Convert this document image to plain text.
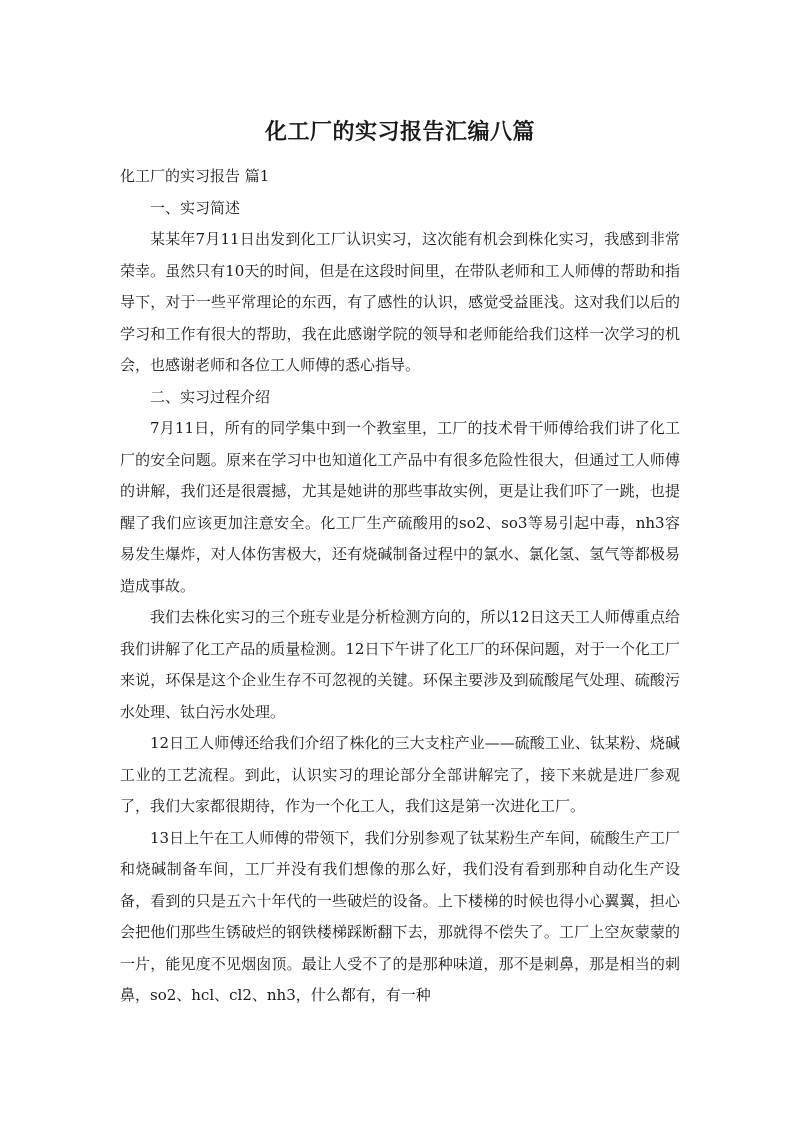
化工厂的实习报告汇编八篇

化工厂的实习报告 篇1

一、实习简述

某某年7月11日出发到化工厂认识实习，这次能有机会到株化实习，我感到非常荣幸。虽然只有10天的时间，但是在这段时间里，在带队老师和工人师傅的帮助和指导下，对于一些平常理论的东西，有了感性的认识，感觉受益匪浅。这对我们以后的学习和工作有很大的帮助，我在此感谢学院的领导和老师能给我们这样一次学习的机会，也感谢老师和各位工人师傅的悉心指导。

二、实习过程介绍

7月11日，所有的同学集中到一个教室里，工厂的技术骨干师傅给我们讲了化工厂的安全问题。原来在学习中也知道化工产品中有很多危险性很大，但通过工人师傅的讲解，我们还是很震撼，尤其是她讲的那些事故实例，更是让我们吓了一跳，也提醒了我们应该更加注意安全。化工厂生产硫酸用的so2、so3等易引起中毒，nh3容易发生爆炸，对人体伤害极大，还有烧碱制备过程中的氯水、氯化氢、氢气等都极易造成事故。

我们去株化实习的三个班专业是分析检测方向的，所以12日这天工人师傅重点给我们讲解了化工产品的质量检测。12日下午讲了化工厂的环保问题，对于一个化工厂来说，环保是这个企业生存不可忽视的关键。环保主要涉及到硫酸尾气处理、硫酸污水处理、钛白污水处理。

12日工人师傅还给我们介绍了株化的三大支柱产业——硫酸工业、钛某粉、烧碱工业的工艺流程。到此，认识实习的理论部分全部讲解完了，接下来就是进厂参观了，我们大家都很期待，作为一个化工人，我们这是第一次进化工厂。

13日上午在工人师傅的带领下，我们分别参观了钛某粉生产车间，硫酸生产工厂和烧碱制备车间，工厂并没有我们想像的那么好，我们没有看到那种自动化生产设备，看到的只是五六十年代的一些破烂的设备。上下楼梯的时候也得小心翼翼，担心会把他们那些生锈破烂的钢铁楼梯踩断翻下去，那就得不偿失了。工厂上空灰蒙蒙的一片，能见度不见烟囱顶。最让人受不了的是那种味道，那不是刺鼻，那是相当的刺鼻，so2、hcl、cl2、nh3，什么都有，有一种
